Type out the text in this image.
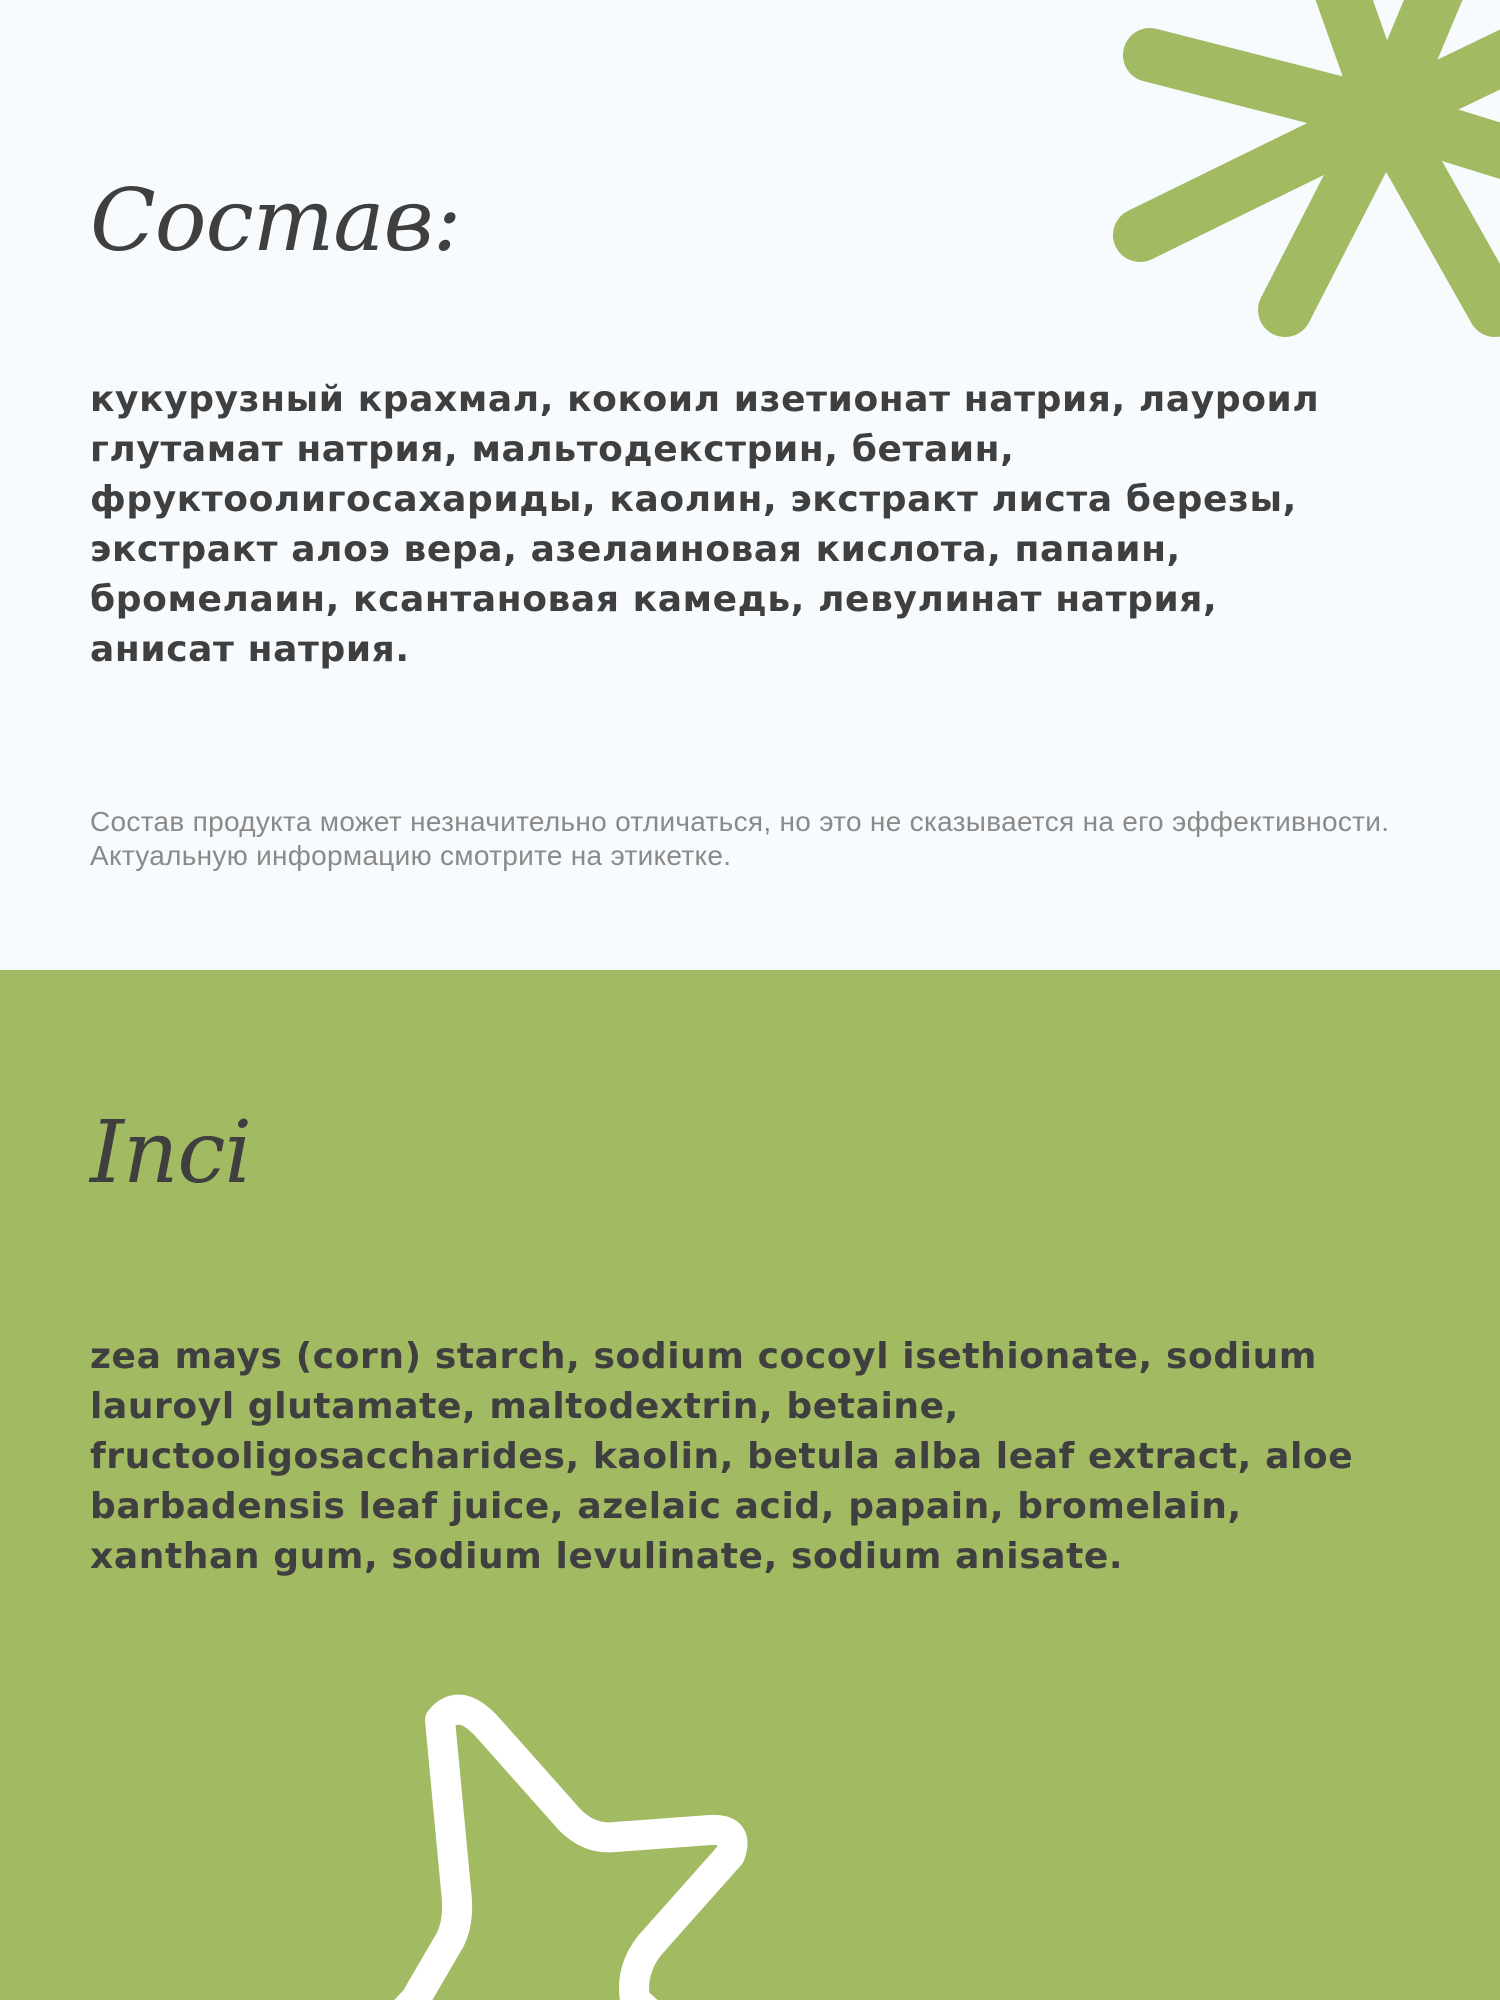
Состав:

кукурузный крахмал, кокоил изетионат натрия, лауроил глутамат натрия, мальтодекстрин, бетаин, фруктоолигосахариды, каолин, экстракт листа березы, экстракт алоэ вера, азелаиновая кислота, папаин, бромелаин, ксантановая камедь, левулинат натрия, анисат натрия.

Состав продукта может незначительно отличаться, но это не сказывается на его эффективности. Актуальную информацию смотрите на этикетке.

Inci

zea mays (corn) starch, sodium cocoyl isethionate, sodium lauroyl glutamate, maltodextrin, betaine, fructooligosaccharides, kaolin, betula alba leaf extract, aloe barbadensis leaf juice, azelaic acid, papain, bromelain, xanthan gum, sodium levulinate, sodium anisate.
